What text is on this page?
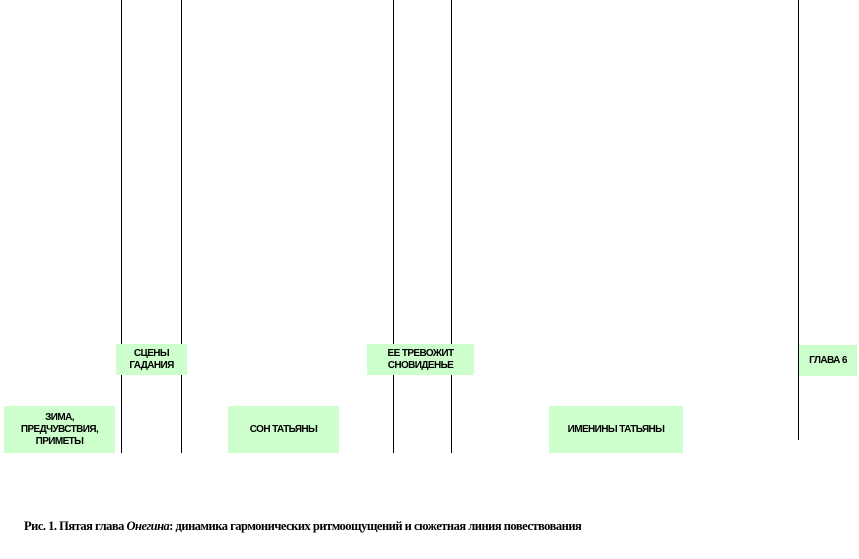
ЗИМА,
ПРЕДЧУВСТВИЯ,
ПРИМЕТЫ
СЦЕНЫ
ГАДАНИЯ
СОН ТАТЬЯНЫ
ЕЕ ТРЕВОЖИТ
СНОВИДЕНЬЕ
ИМЕНИНЫ ТАТЬЯНЫ
ГЛАВА 6
Рис. 1. Пятая глава Онегина: динамика гармонических ритмоощущений и сюжетная линия повествования
